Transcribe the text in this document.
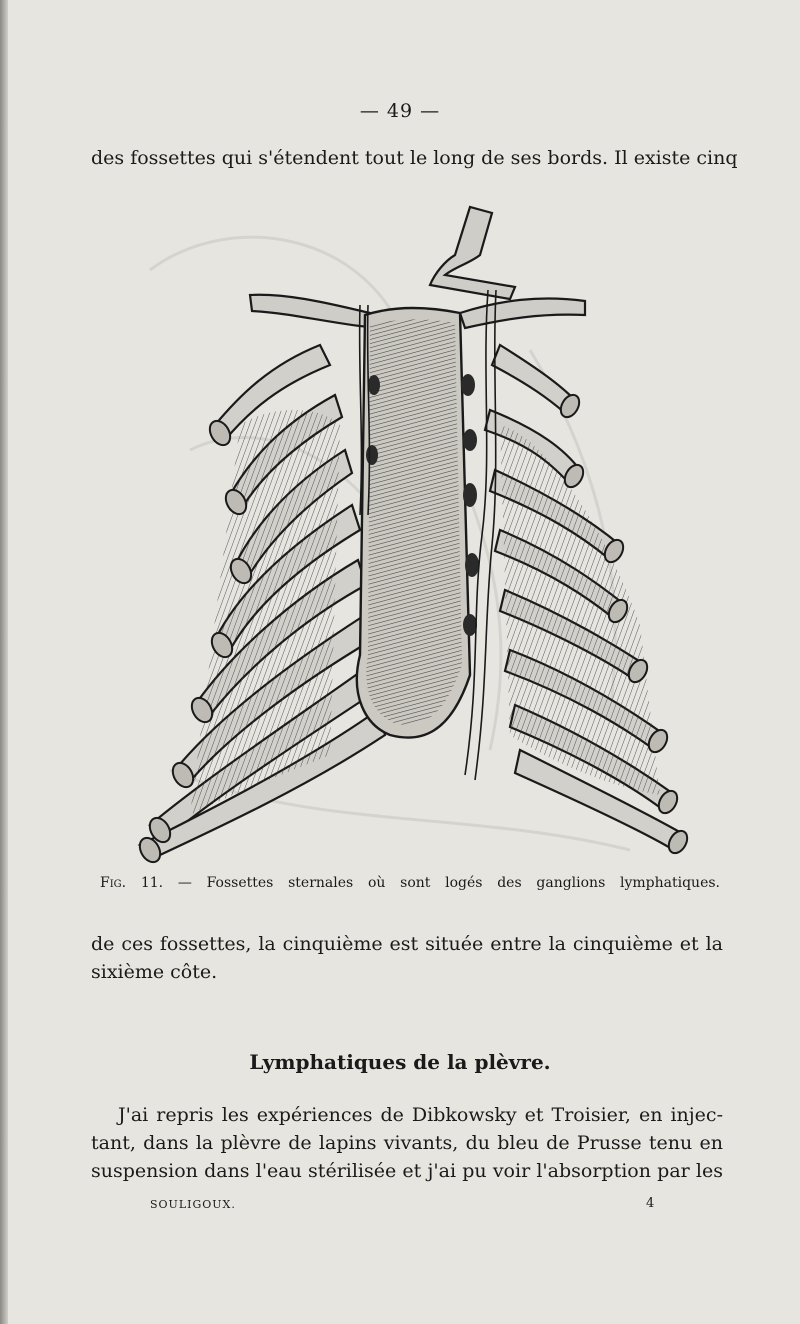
— 49 —
des fossettes qui s'étendent tout le long de ses bords. Il existe cinq
Fig. 11. — Fossettes sternales où sont logés des ganglions lymphatiques.
de ces fossettes, la cinquième est située entre la cinquième et la
sixième côte.
Lymphatiques de la plèvre.
J'ai repris les expériences de Dibkowsky et Troisier, en injec-
tant, dans la plèvre de lapins vivants, du bleu de Prusse tenu en
suspension dans l'eau stérilisée et j'ai pu voir l'absorption par les
SOULIGOUX.	4
